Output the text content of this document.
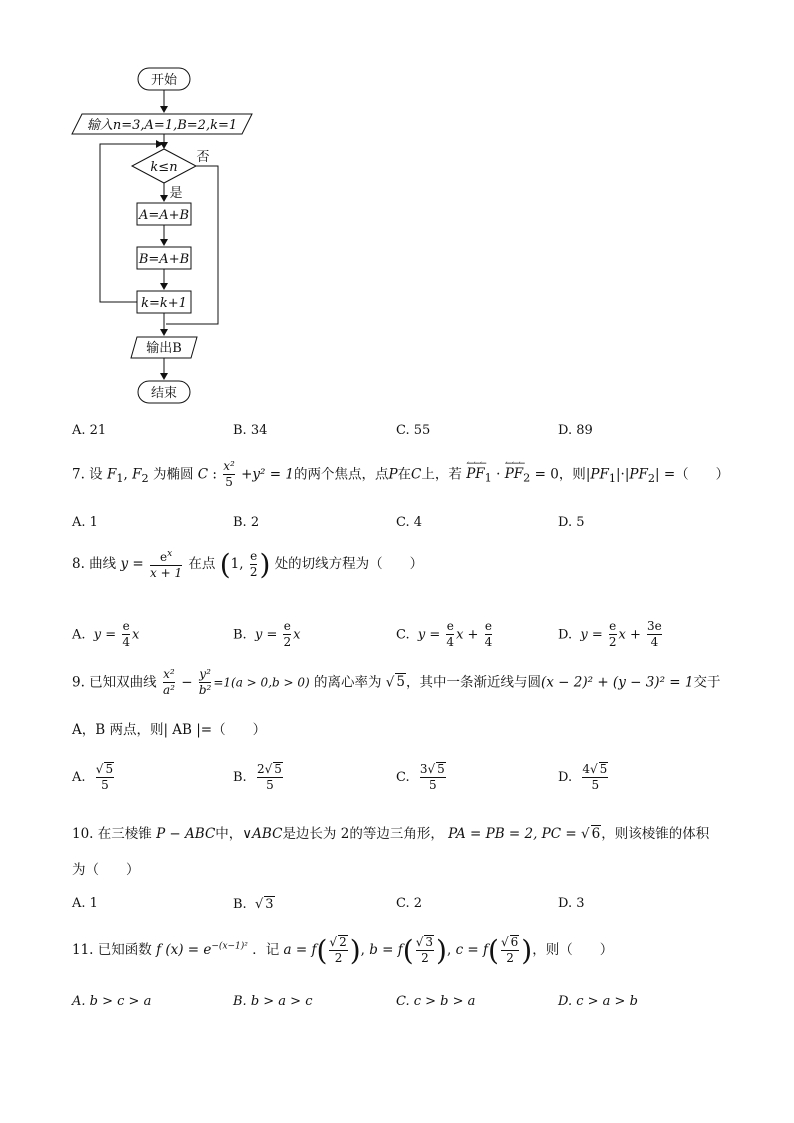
开始
输入n=3,A=1,B=2,k=1
k≤n
否
是
A=A+B
B=A+B
k=k+1
输出B
结束
A. 21	B. 34	C. 55	D. 89
7. 设 $F_1$, $F_2$ 为椭圆 C : $\frac{\text{x²}}{5} +y^2 = 1$的两个焦点，点P在C上，若
↼↼↼
$PF_1$ ·
↼↼↼
$PF_2 = 0$，则$|PF_1|\cdot|PF_2|$ =（　　）
A. 1	B. 2	C. 4	D. 5
8. 曲线 $y = \frac{e^x}{x + 1}$ 在点 (1, $\frac{e}{2}$ ) 处的切线方程为（　　）
A. $y = \frac{e}{4}$ x	B. $y = \frac{e}{2}$ x	C. $y = \frac{e}{4}$ $x + \frac{e}{4}$	D. $y = \frac{e}{2}$ $x + \frac{3e}{4}$
9. 已知双曲线 $\frac{\text{x²}}{\text{a²}} - \frac{\text{y²}}{\text{b²}} =1(a > 0,b > 0)$ 的离心率为 √ 5，其中一条渐近线与圆(x − 2)² + (y − 3)² = 1交于
A，B 两点，则| AB |=（　　）
A. $\frac{√ 5}{5}$	B. $\frac{2√ 5}{5}$	C. $\frac{3√ 5}{5}$	D. $\frac{4√ 5}{5}$
10. 在三棱锥 P − ABC中，∨ABC是边长为 2的等边三角形， PA = PB = 2, PC = √ 6，则该棱锥的体积
为（　　）
A. 1	B.  √ 3	C. 2	D. 3
11. 已知函数 f $(x) = e^{-(x-1)^2}$ ．记 $a = f( \frac{√ 2}{2}$ ), $b = f( \frac{√ 3}{2}$ ), $c = f( \frac{√ 6}{2}$ )，则（　　）
A. b > c > a	B. b > a > c	C. c > b > a	D. c > a > b
